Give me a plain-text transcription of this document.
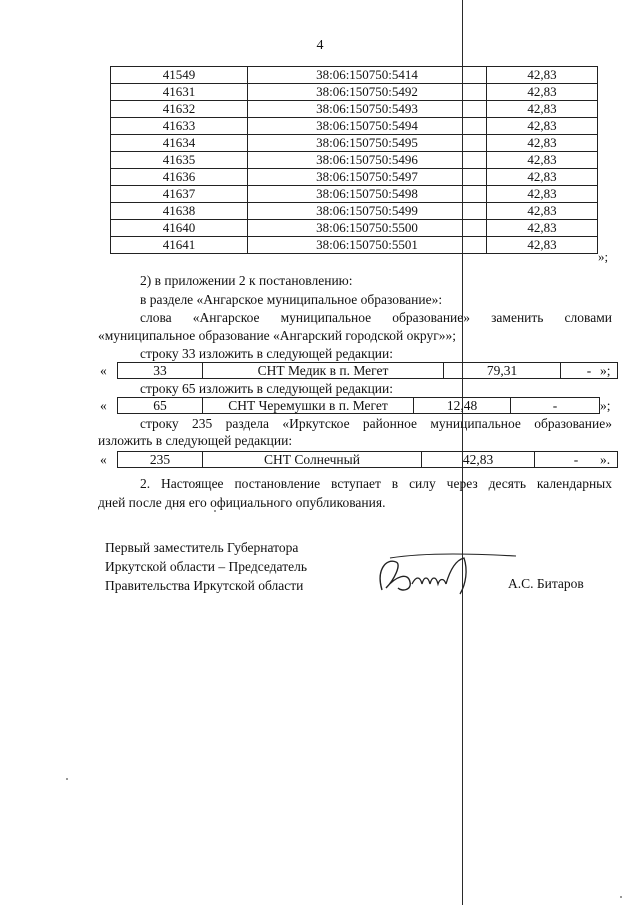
4
41549	38:06:150750:5414	42,83
41631	38:06:150750:5492	42,83
41632	38:06:150750:5493	42,83
41633	38:06:150750:5494	42,83
41634	38:06:150750:5495	42,83
41635	38:06:150750:5496	42,83
41636	38:06:150750:5497	42,83
41637	38:06:150750:5498	42,83
41638	38:06:150750:5499	42,83
41640	38:06:150750:5500	42,83
41641	38:06:150750:5501	42,83
»;
2) в приложении 2 к постановлению:
в разделе «Ангарское муниципальное образование»:
слова «Ангарское муниципальное образование» заменить словами
«муниципальное образование «Ангарский городской округ»»;
строку 33 изложить в следующей редакции:
«	33	СНТ Медик в п. Мегет	79,31	- »;
строку 65 изложить в следующей редакции:
«	65	СНТ Черемушки в п. Мегет	12,48	-	»;
строку 235 раздела «Иркутское районное муниципальное образование»
изложить в следующей редакции:
«	235	СНТ Солнечный	42,83	-	».
2. Настоящее постановление вступает в силу через десять календарных
дней после дня его официального опубликования.
Первый заместитель Губернатора
Иркутской области – Председатель
Правительства Иркутской области	А.С. Битаров
